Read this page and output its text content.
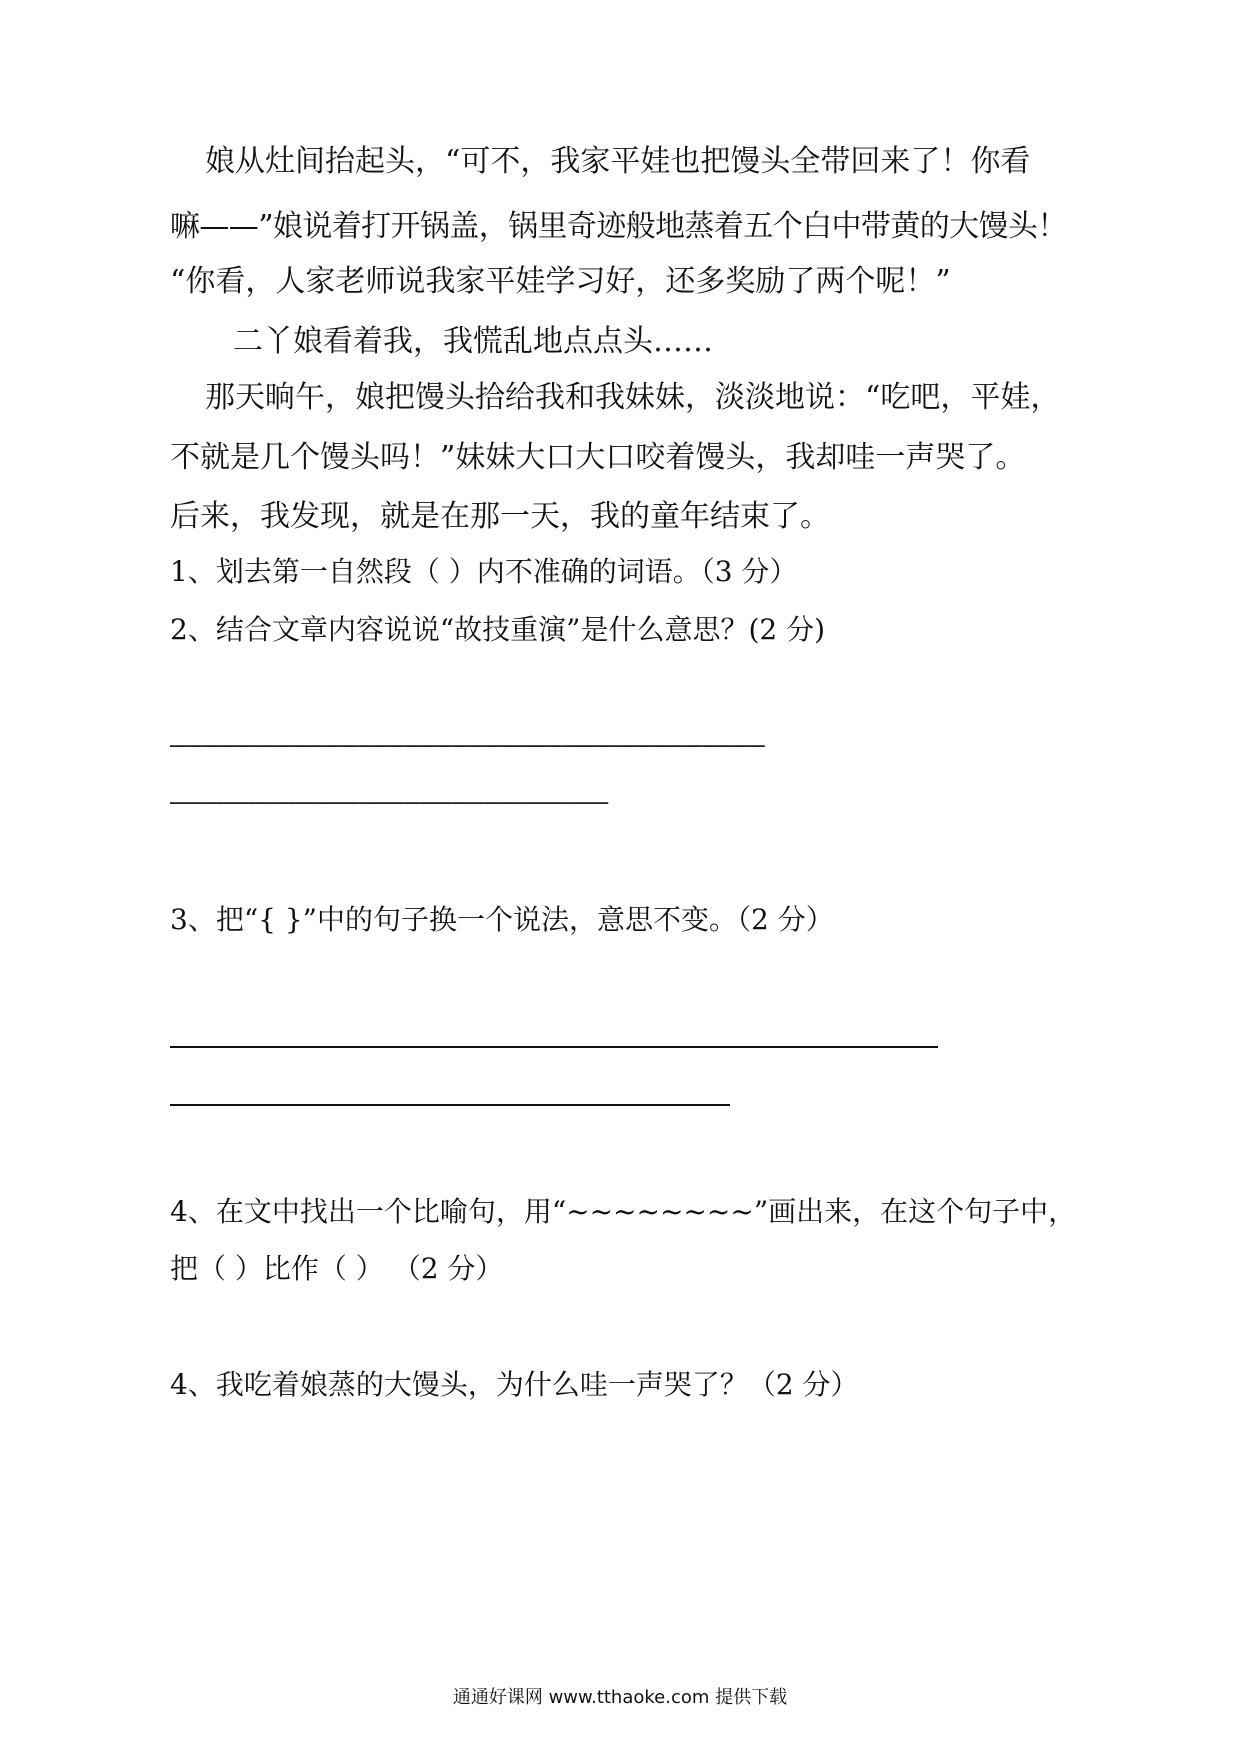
娘从灶间抬起头，“可不，我家平娃也把馒头全带回来了！你看
嘛——”娘说着打开锅盖，锅里奇迹般地蒸着五个白中带黄的大馒头！
“你看，人家老师说我家平娃学习好，还多奖励了两个呢！”
二丫娘看着我，我慌乱地点点头……
那天晌午，娘把馒头拾给我和我妹妹，淡淡地说：“吃吧，平娃，
不就是几个馒头吗！”妹妹大口大口咬着馒头，我却哇一声哭了。
后来，我发现，就是在那一天，我的童年结束了。
1、划去第一自然段（ ）内不准确的词语。（3 分）
2、结合文章内容说说“故技重演”是什么意思？(2 分)
——————————————————————————————————————
————————————————————————————
3、把“{ }”中的句子换一个说法，意思不变。（2 分）
4、在文中找出一个比喻句，用“~~~~~~~~”画出来，在这个句子中，
把（ ）比作（ ） （2 分）
4、我吃着娘蒸的大馒头，为什么哇一声哭了？（2 分）
通通好课网 www.tthaoke.com 提供下载
